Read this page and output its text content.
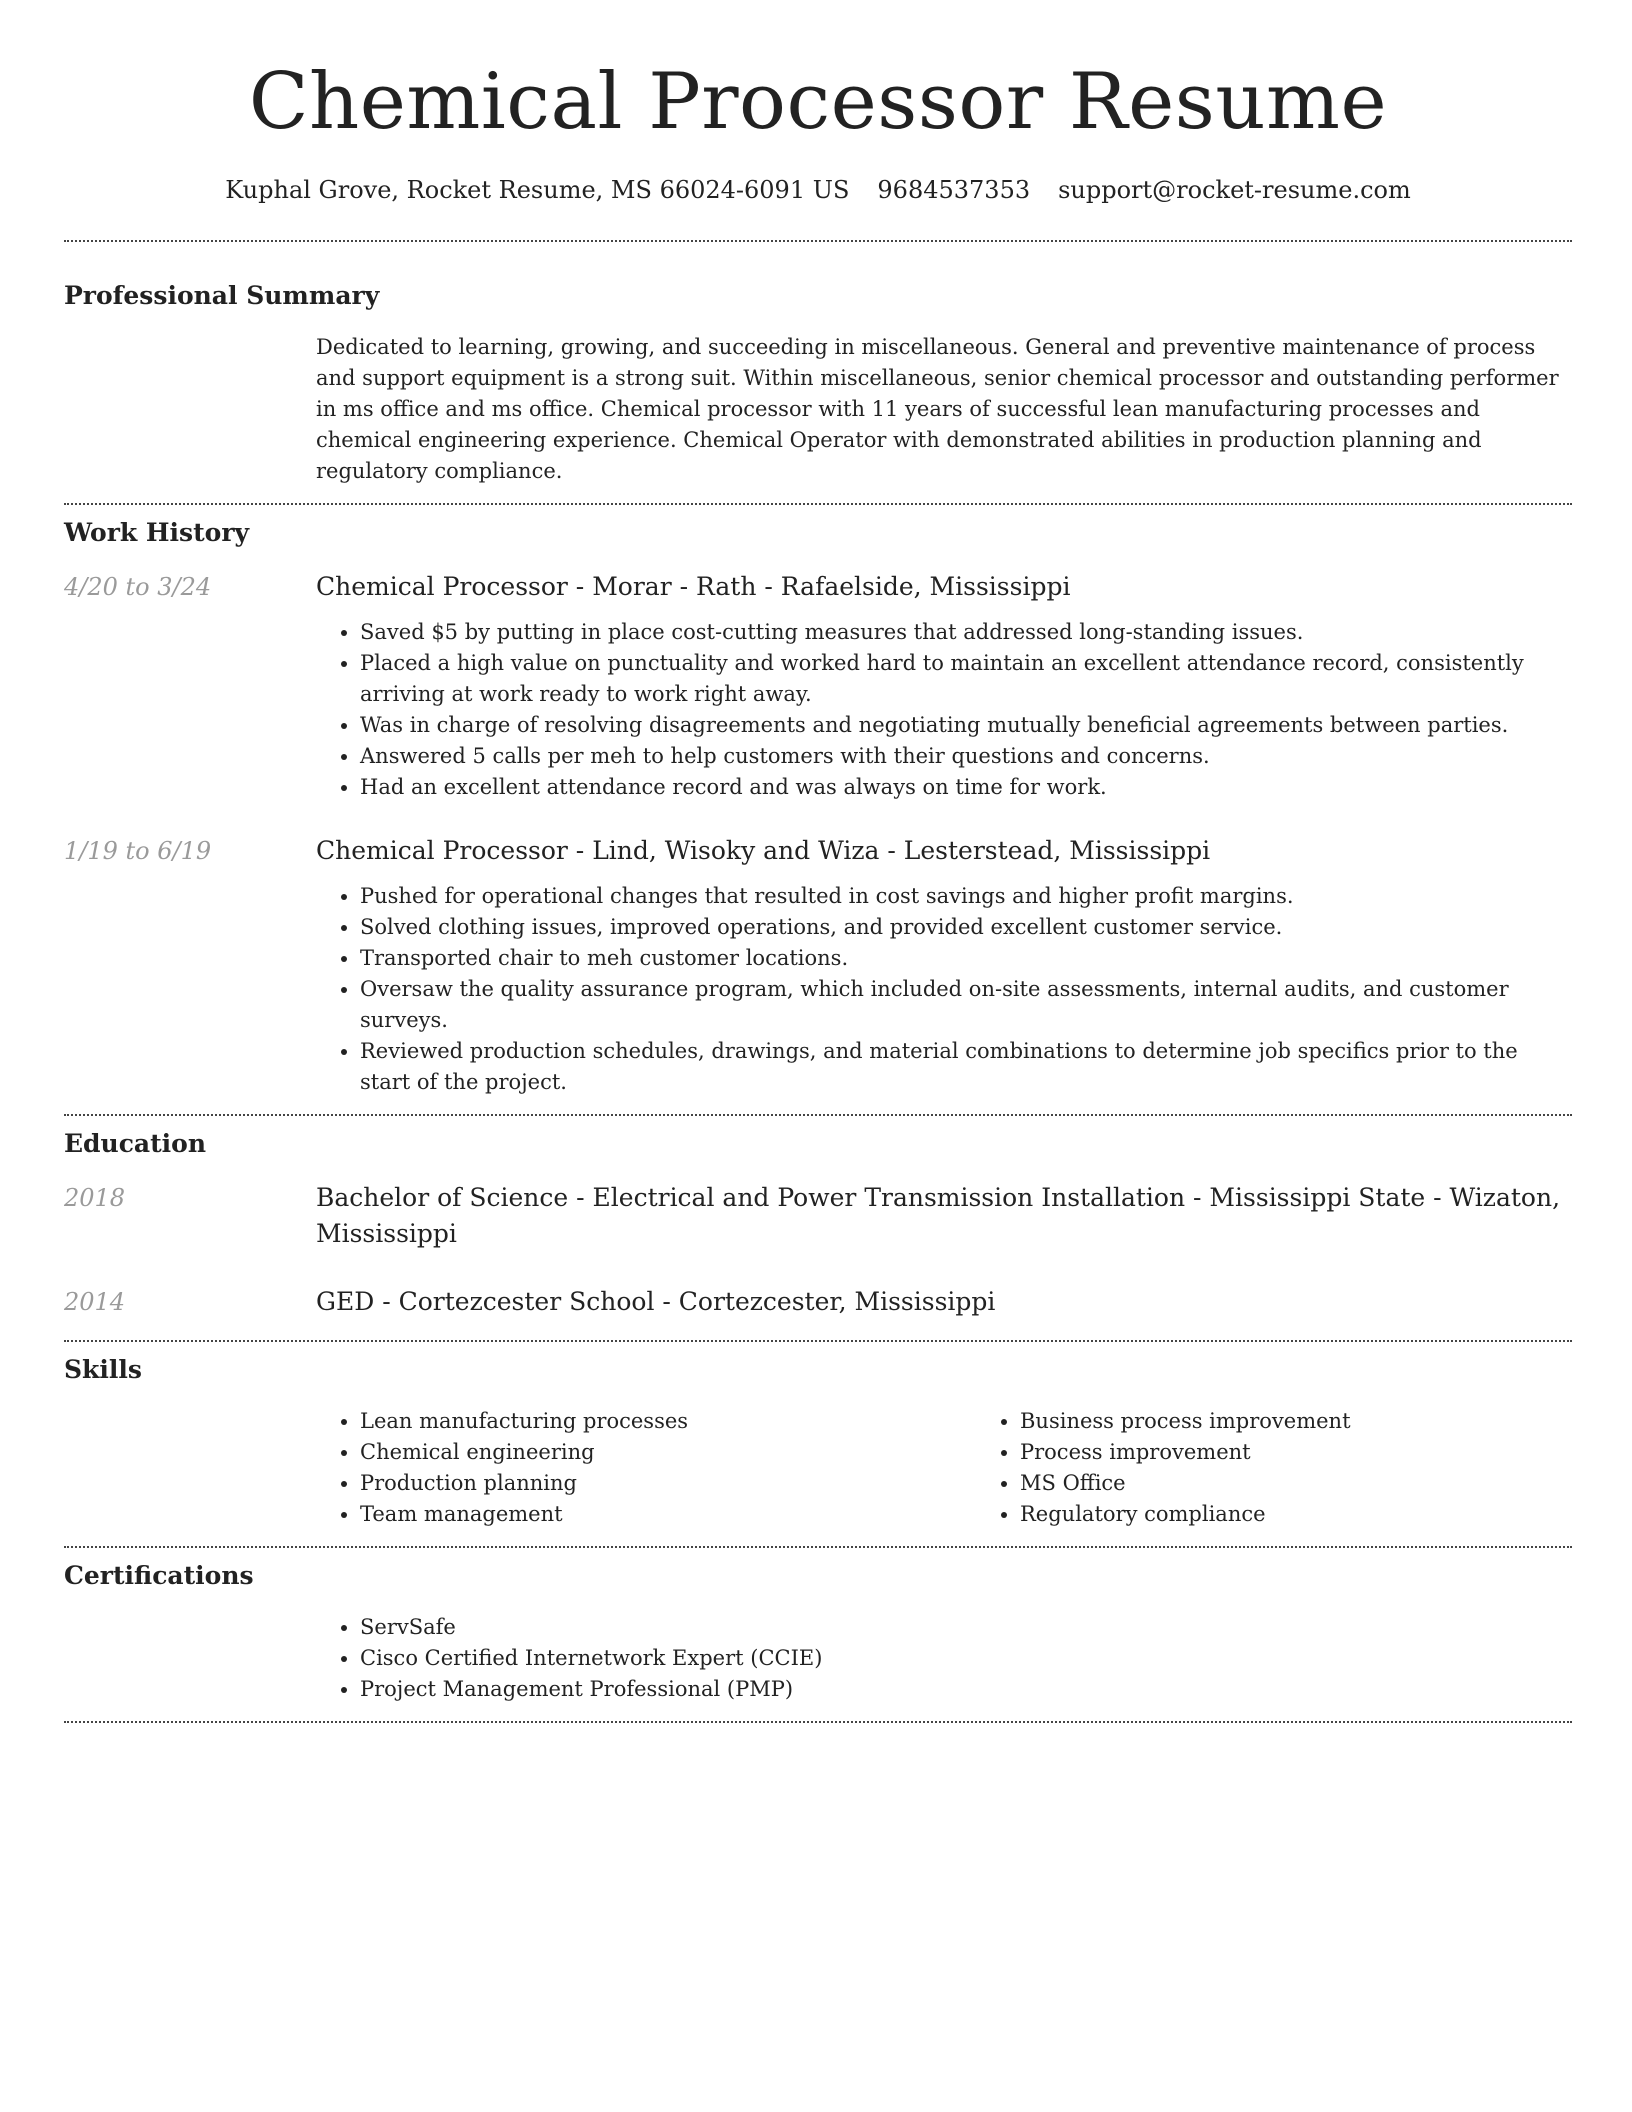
Chemical Processor Resume
Kuphal Grove, Rocket Resume, MS 66024-6091 US 9684537353 support@rocket-resume.com
Professional Summary

Dedicated to learning, growing, and succeeding in miscellaneous. General and preventive maintenance of process and support equipment is a strong suit. Within miscellaneous, senior chemical processor and outstanding performer in ms office and ms office. Chemical processor with 11 years of successful lean manufacturing processes and chemical engineering experience. Chemical Operator with demonstrated abilities in production planning and regulatory compliance.

Work History
4/20 to 3/24	Chemical Processor - Morar - Rath - Rafaelside, Mississippi
• Saved $5 by putting in place cost-cutting measures that addressed long-standing issues.
• Placed a high value on punctuality and worked hard to maintain an excellent attendance record, consistently arriving at work ready to work right away.
• Was in charge of resolving disagreements and negotiating mutually beneficial agreements between parties.
• Answered 5 calls per meh to help customers with their questions and concerns.
• Had an excellent attendance record and was always on time for work.
1/19 to 6/19	Chemical Processor - Lind, Wisoky and Wiza - Lesterstead, Mississippi
• Pushed for operational changes that resulted in cost savings and higher profit margins.
• Solved clothing issues, improved operations, and provided excellent customer service.
• Transported chair to meh customer locations.
• Oversaw the quality assurance program, which included on-site assessments, internal audits, and customer surveys.
• Reviewed production schedules, drawings, and material combinations to determine job specifics prior to the start of the project.
Education
2018	Bachelor of Science - Electrical and Power Transmission Installation - Mississippi State - Wizaton, Mississippi
2014	GED - Cortezcester School - Cortezcester, Mississippi
Skills
• Lean manufacturing processes
• Chemical engineering
• Production planning
• Team management
• Business process improvement
• Process improvement
• MS Office
• Regulatory compliance
Certifications
• ServSafe
• Cisco Certified Internetwork Expert (CCIE)
• Project Management Professional (PMP)
